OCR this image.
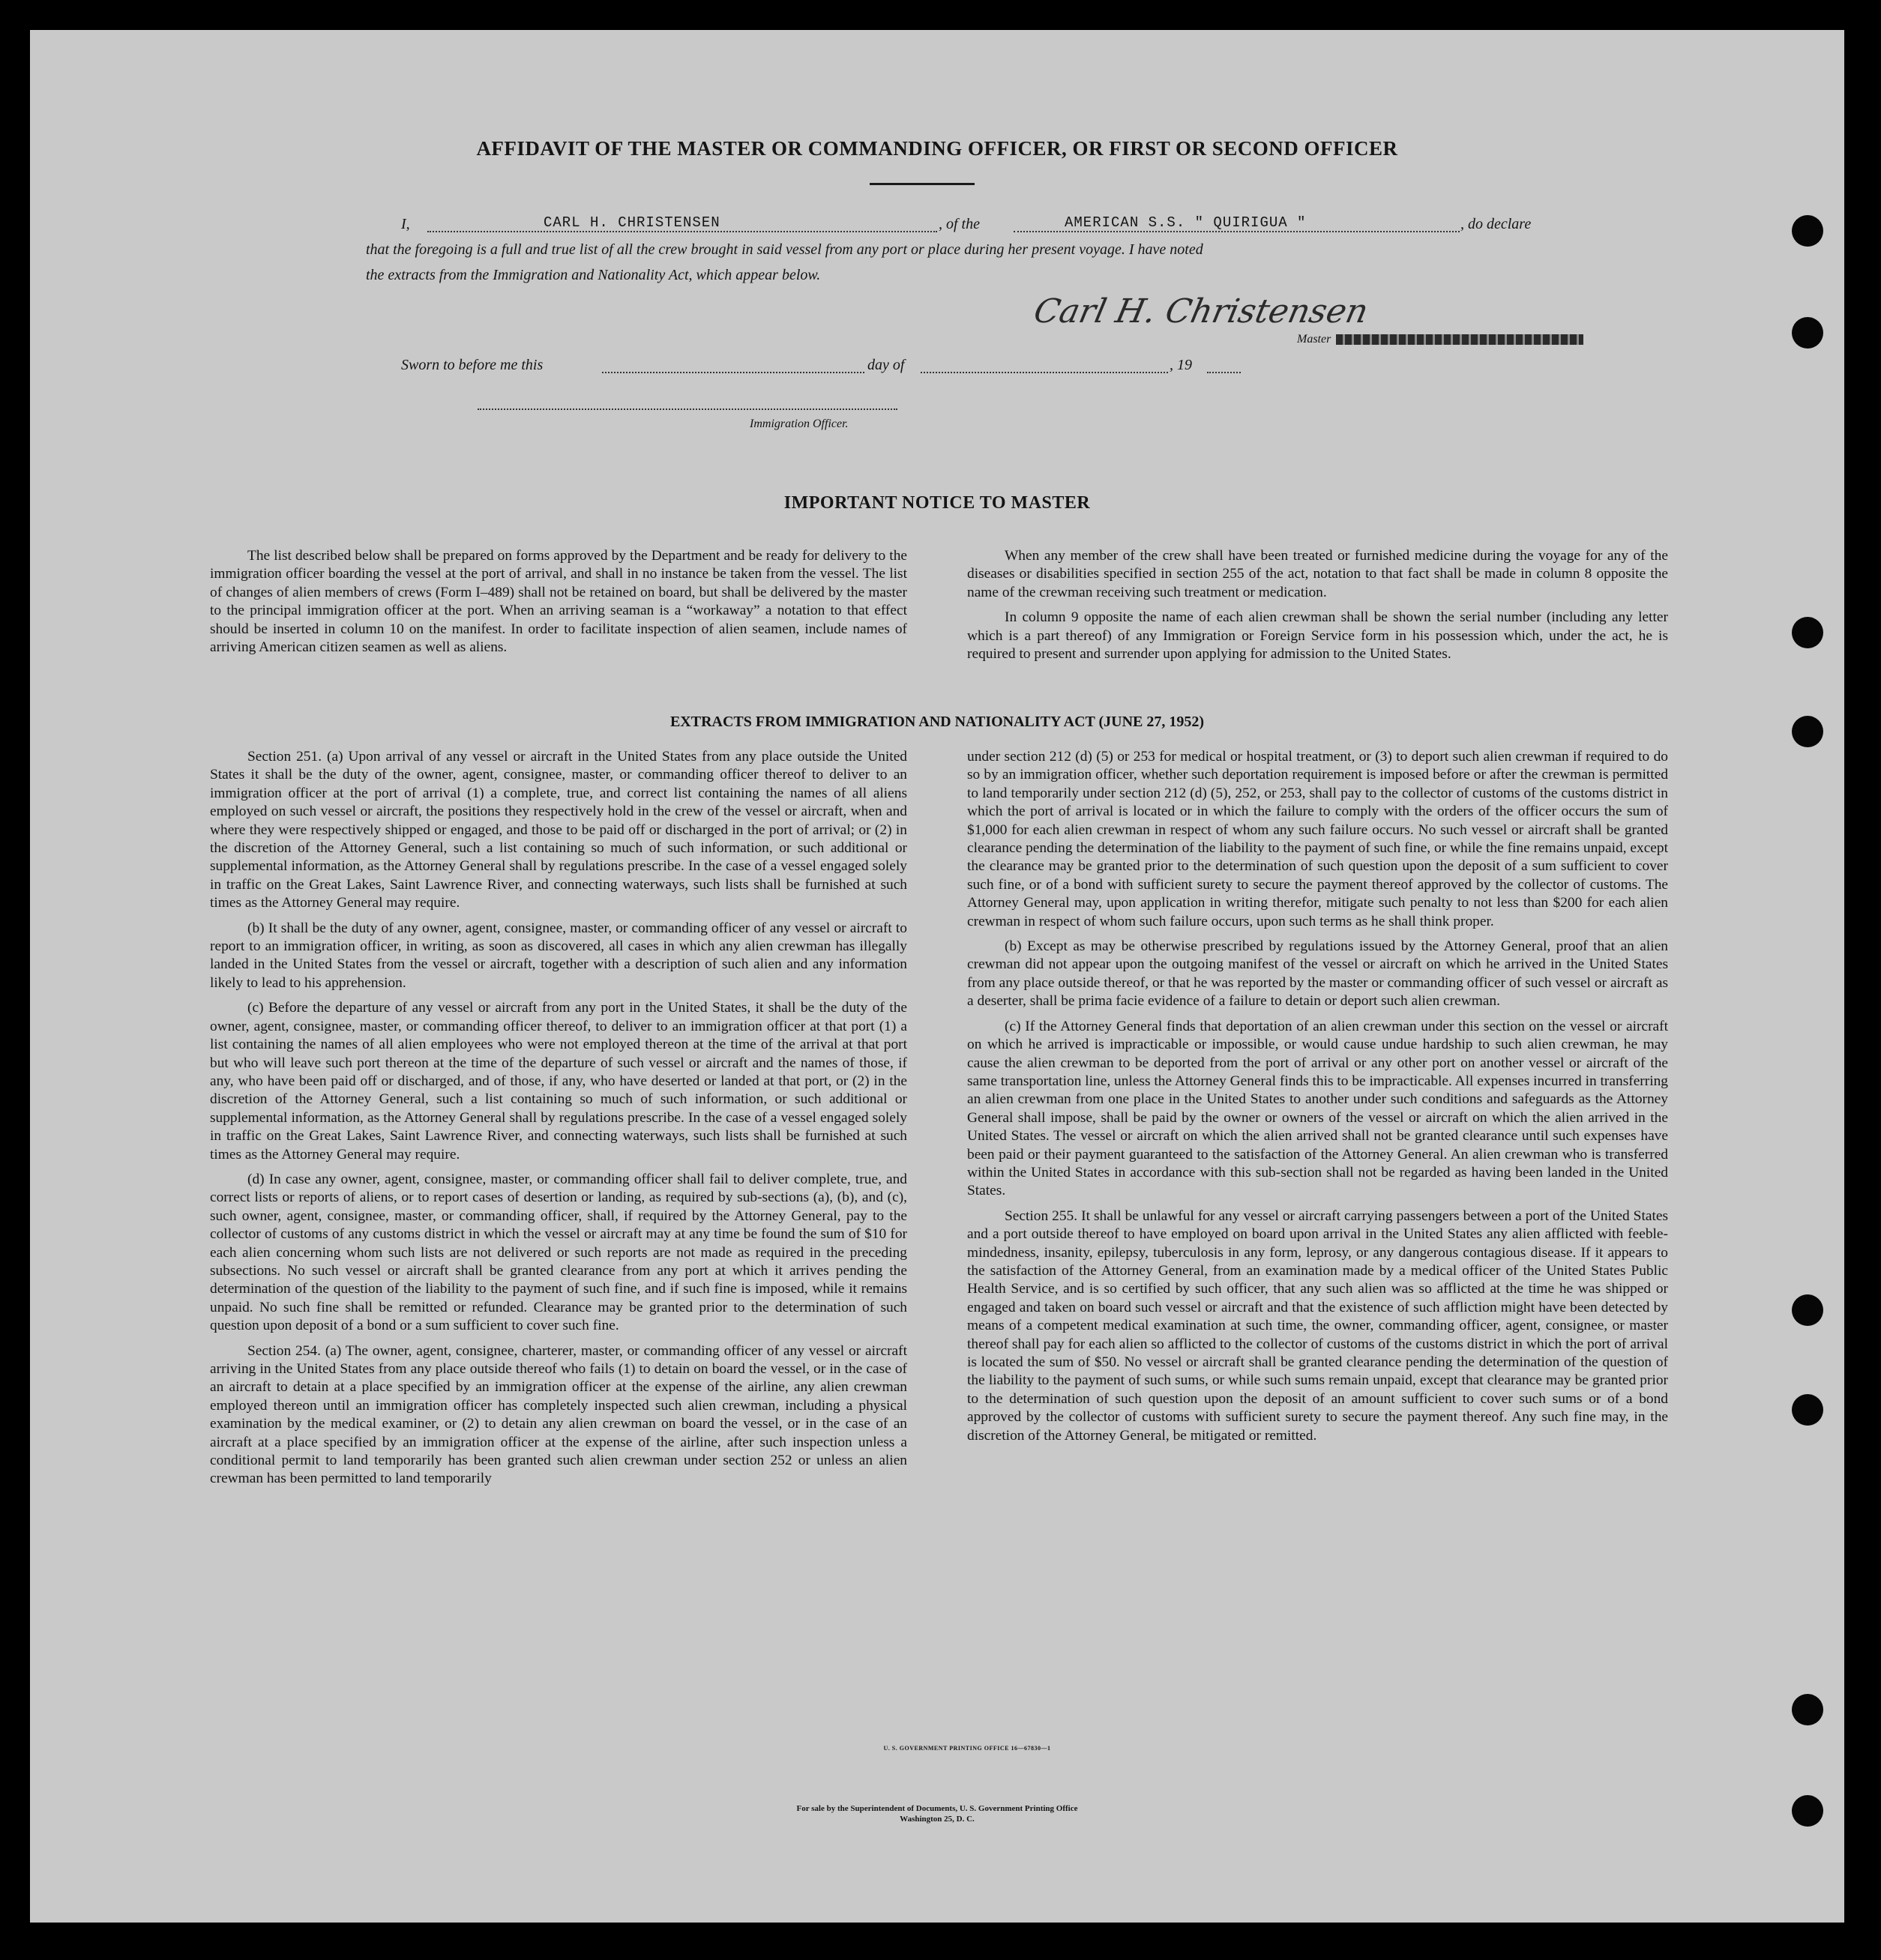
AFFIDAVIT OF THE MASTER OR COMMANDING OFFICER, OR FIRST OR SECOND OFFICER
I,	CARL H. CHRISTENSEN	, of the	AMERICAN S.S. " QUIRIGUA "	, do declare
that the foregoing is a full and true list of all the crew brought in said vessel from any port or place during her present voyage. I have noted
the extracts from the Immigration and Nationality Act, which appear below.
Carl H. Christensen
Master
Sworn to before me this	day of	, 19
Immigration Officer.
IMPORTANT NOTICE TO MASTER

The list described below shall be prepared on forms approved by the Department and be ready for delivery to the immigration officer boarding the vessel at the port of arrival, and shall in no instance be taken from the vessel. The list of changes of alien members of crews (Form I–489) shall not be retained on board, but shall be delivered by the master to the principal immigration officer at the port. When an arriving seaman is a “workaway” a notation to that effect should be inserted in column 10 on the manifest. In order to facilitate inspection of alien seamen, include names of arriving American citizen seamen as well as aliens.

When any member of the crew shall have been treated or furnished medicine during the voyage for any of the diseases or disabilities specified in section 255 of the act, notation to that fact shall be made in column 8 opposite the name of the crewman receiving such treatment or medication.

In column 9 opposite the name of each alien crewman shall be shown the serial number (including any letter which is a part thereof) of any Immigration or Foreign Service form in his possession which, under the act, he is required to present and surrender upon applying for admission to the United States.

EXTRACTS FROM IMMIGRATION AND NATIONALITY ACT (JUNE 27, 1952)

Section 251. (a) Upon arrival of any vessel or aircraft in the United States from any place outside the United States it shall be the duty of the owner, agent, consignee, master, or commanding officer thereof to deliver to an immigration officer at the port of arrival (1) a complete, true, and correct list containing the names of all aliens employed on such vessel or aircraft, the positions they respectively hold in the crew of the vessel or aircraft, when and where they were respectively shipped or engaged, and those to be paid off or discharged in the port of arrival; or (2) in the discretion of the Attorney General, such a list containing so much of such information, or such additional or supplemental information, as the Attorney General shall by regulations prescribe. In the case of a vessel engaged solely in traffic on the Great Lakes, Saint Lawrence River, and connecting waterways, such lists shall be furnished at such times as the Attorney General may require.

(b) It shall be the duty of any owner, agent, consignee, master, or commanding officer of any vessel or aircraft to report to an immigration officer, in writing, as soon as discovered, all cases in which any alien crewman has illegally landed in the United States from the vessel or aircraft, together with a description of such alien and any information likely to lead to his apprehension.

(c) Before the departure of any vessel or aircraft from any port in the United States, it shall be the duty of the owner, agent, consignee, master, or commanding officer thereof, to deliver to an immigration officer at that port (1) a list containing the names of all alien employees who were not employed thereon at the time of the arrival at that port but who will leave such port thereon at the time of the departure of such vessel or aircraft and the names of those, if any, who have been paid off or discharged, and of those, if any, who have deserted or landed at that port, or (2) in the discretion of the Attorney General, such a list containing so much of such information, or such additional or supplemental information, as the Attorney General shall by regulations prescribe. In the case of a vessel engaged solely in traffic on the Great Lakes, Saint Lawrence River, and connecting waterways, such lists shall be furnished at such times as the Attorney General may require.

(d) In case any owner, agent, consignee, master, or commanding officer shall fail to deliver complete, true, and correct lists or reports of aliens, or to report cases of desertion or landing, as required by sub-sections (a), (b), and (c), such owner, agent, consignee, master, or commanding officer, shall, if required by the Attorney General, pay to the collector of customs of any customs district in which the vessel or aircraft may at any time be found the sum of $10 for each alien concerning whom such lists are not delivered or such reports are not made as required in the preceding subsections. No such vessel or aircraft shall be granted clearance from any port at which it arrives pending the determination of the question of the liability to the payment of such fine, and if such fine is imposed, while it remains unpaid. No such fine shall be remitted or refunded. Clearance may be granted prior to the determination of such question upon deposit of a bond or a sum sufficient to cover such fine.

Section 254. (a) The owner, agent, consignee, charterer, master, or commanding officer of any vessel or aircraft arriving in the United States from any place outside thereof who fails (1) to detain on board the vessel, or in the case of an aircraft to detain at a place specified by an immigration officer at the expense of the airline, any alien crewman employed thereon until an immigration officer has completely inspected such alien crewman, including a physical examination by the medical examiner, or (2) to detain any alien crewman on board the vessel, or in the case of an aircraft at a place specified by an immigration officer at the expense of the airline, after such inspection unless a conditional permit to land temporarily has been granted such alien crewman under section 252 or unless an alien crewman has been permitted to land temporarily

under section 212 (d) (5) or 253 for medical or hospital treatment, or (3) to deport such alien crewman if required to do so by an immigration officer, whether such deportation requirement is imposed before or after the crewman is permitted to land temporarily under section 212 (d) (5), 252, or 253, shall pay to the collector of customs of the customs district in which the port of arrival is located or in which the failure to comply with the orders of the officer occurs the sum of $1,000 for each alien crewman in respect of whom any such failure occurs. No such vessel or aircraft shall be granted clearance pending the determination of the liability to the payment of such fine, or while the fine remains unpaid, except the clearance may be granted prior to the determination of such question upon the deposit of a sum sufficient to cover such fine, or of a bond with sufficient surety to secure the payment thereof approved by the collector of customs. The Attorney General may, upon application in writing therefor, mitigate such penalty to not less than $200 for each alien crewman in respect of whom such failure occurs, upon such terms as he shall think proper.

(b) Except as may be otherwise prescribed by regulations issued by the Attorney General, proof that an alien crewman did not appear upon the outgoing manifest of the vessel or aircraft on which he arrived in the United States from any place outside thereof, or that he was reported by the master or commanding officer of such vessel or aircraft as a deserter, shall be prima facie evidence of a failure to detain or deport such alien crewman.

(c) If the Attorney General finds that deportation of an alien crewman under this section on the vessel or aircraft on which he arrived is impracticable or impossible, or would cause undue hardship to such alien crewman, he may cause the alien crewman to be deported from the port of arrival or any other port on another vessel or aircraft of the same transportation line, unless the Attorney General finds this to be impracticable. All expenses incurred in transferring an alien crewman from one place in the United States to another under such conditions and safeguards as the Attorney General shall impose, shall be paid by the owner or owners of the vessel or aircraft on which the alien arrived in the United States. The vessel or aircraft on which the alien arrived shall not be granted clearance until such expenses have been paid or their payment guaranteed to the satisfaction of the Attorney General. An alien crewman who is transferred within the United States in accordance with this sub-section shall not be regarded as having been landed in the United States.

Section 255. It shall be unlawful for any vessel or aircraft carrying passengers between a port of the United States and a port outside thereof to have employed on board upon arrival in the United States any alien afflicted with feeble-mindedness, insanity, epilepsy, tuberculosis in any form, leprosy, or any dangerous contagious disease. If it appears to the satisfaction of the Attorney General, from an examination made by a medical officer of the United States Public Health Service, and is so certified by such officer, that any such alien was so afflicted at the time he was shipped or engaged and taken on board such vessel or aircraft and that the existence of such affliction might have been detected by means of a competent medical examination at such time, the owner, commanding officer, agent, consignee, or master thereof shall pay for each alien so afflicted to the collector of customs of the customs district in which the port of arrival is located the sum of $50. No vessel or aircraft shall be granted clearance pending the determination of the question of the liability to the payment of such sums, or while such sums remain unpaid, except that clearance may be granted prior to the determination of such question upon the deposit of an amount sufficient to cover such sums or of a bond approved by the collector of customs with sufficient surety to secure the payment thereof. Any such fine may, in the discretion of the Attorney General, be mitigated or remitted.

U. S. GOVERNMENT PRINTING OFFICE 16—67830—1
For sale by the Superintendent of Documents, U. S. Government Printing Office
Washington 25, D. C.
